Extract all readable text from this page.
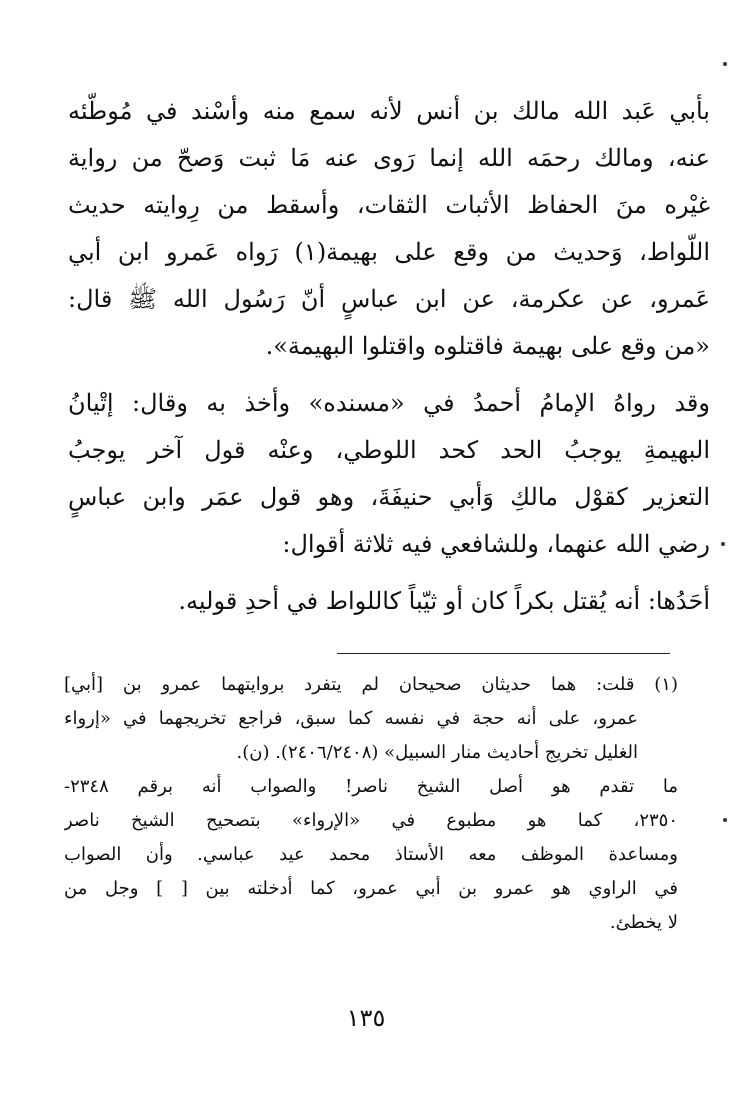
بأبي عَبد الله مالك بن أنس لأنه سمع منه وأسْند في مُوطّئه
عنه، ومالك رحمَه الله إنما رَوى عنه مَا ثبت وَصحّ من رواية
غيْره منَ الحفاظ الأثبات الثقات، وأسقط من رِوايته حديث
اللّواط، وَحديث من وقع على بهيمة(١) رَواه عَمرو ابن أبي
عَمرو، عن عكرمة، عن ابن عباسٍ أنّ رَسُول الله ﷺ قال:
«من وقع على بهيمة فاقتلوه واقتلوا البهيمة».
وقد رواهُ الإمامُ أحمدُ في «مسنده» وأخذ به وقال: إتْيانُ
البهيمةِ يوجبُ الحد كحد اللوطي، وعنْه قول آخر يوجبُ
التعزير كقوْل مالكِ وَأبي حنيفَةَ، وهو قول عمَر وابن عباسٍ
رضي الله عنهما، وللشافعي فيه ثلاثة أقوال:
أحَدُها: أنه يُقتل بكراً كان أو ثيّباً كاللواط في أحدِ قوليه.
(١) قلت: هما حديثان صحيحان لم يتفرد بروايتهما عمرو بن [أبي]
عمرو، على أنه حجة في نفسه كما سبق، فراجع تخريجهما في «إرواء
الغليل تخريج أحاديث منار السبيل» (٢٤٠٦/٢٤٠٨). (ن).
ما تقدم هو أصل الشيخ ناصر! والصواب أنه برقم ٢٣٤٨-
٢٣٥٠، كما هو مطبوع في «الإرواء» بتصحيح الشيخ ناصر
ومساعدة الموظف معه الأستاذ محمد عيد عباسي. وأن الصواب
في الراوي هو عمرو بن أبي عمرو، كما أدخلته بين [ ] وجل من
لا يخطئ.
١٣٥
